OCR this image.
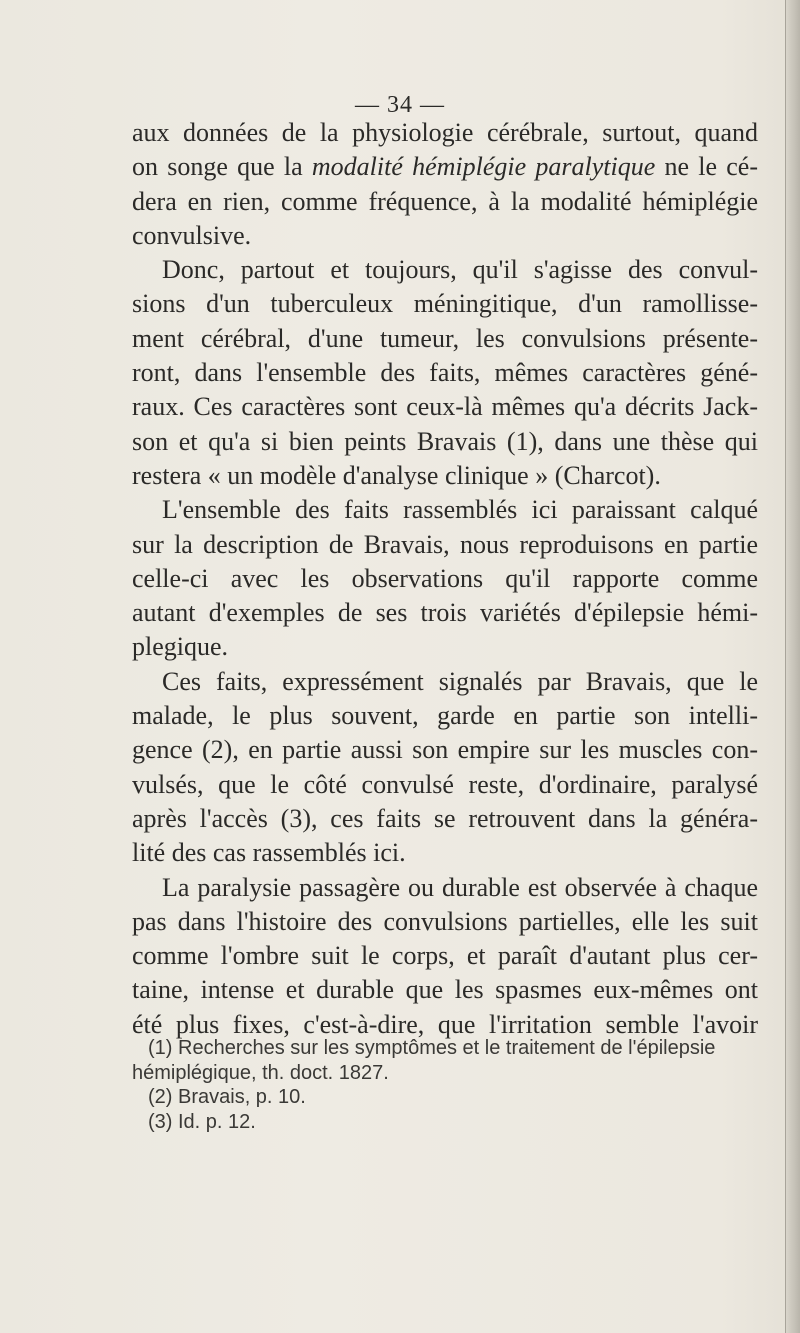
— 34 —
aux données de la physiologie cérébrale, surtout, quand
on songe que la modalité hémiplégie paralytique ne le cé-
dera en rien, comme fréquence, à la modalité hémiplégie
convulsive.
Donc, partout et toujours, qu'il s'agisse des convul-
sions d'un tuberculeux méningitique, d'un ramollisse-
ment cérébral, d'une tumeur, les convulsions présente-
ront, dans l'ensemble des faits, mêmes caractères géné-
raux. Ces caractères sont ceux-là mêmes qu'a décrits Jack-
son et qu'a si bien peints Bravais (1), dans une thèse qui
restera « un modèle d'analyse clinique » (Charcot).
L'ensemble des faits rassemblés ici paraissant calqué
sur la description de Bravais, nous reproduisons en partie
celle-ci avec les observations qu'il rapporte comme
autant d'exemples de ses trois variétés d'épilepsie hémi-
plegique.
Ces faits, expressément signalés par Bravais, que le
malade, le plus souvent, garde en partie son intelli-
gence (2), en partie aussi son empire sur les muscles con-
vulsés, que le côté convulsé reste, d'ordinaire, paralysé
après l'accès (3), ces faits se retrouvent dans la généra-
lité des cas rassemblés ici.
La paralysie passagère ou durable est observée à chaque
pas dans l'histoire des convulsions partielles, elle les suit
comme l'ombre suit le corps, et paraît d'autant plus cer-
taine, intense et durable que les spasmes eux-mêmes ont
été plus fixes, c'est-à-dire, que l'irritation semble l'avoir
(1) Recherches sur les symptômes et le traitement de l'épilepsie
hémiplégique, th. doct. 1827.
(2) Bravais, p. 10.
(3) Id. p. 12.
